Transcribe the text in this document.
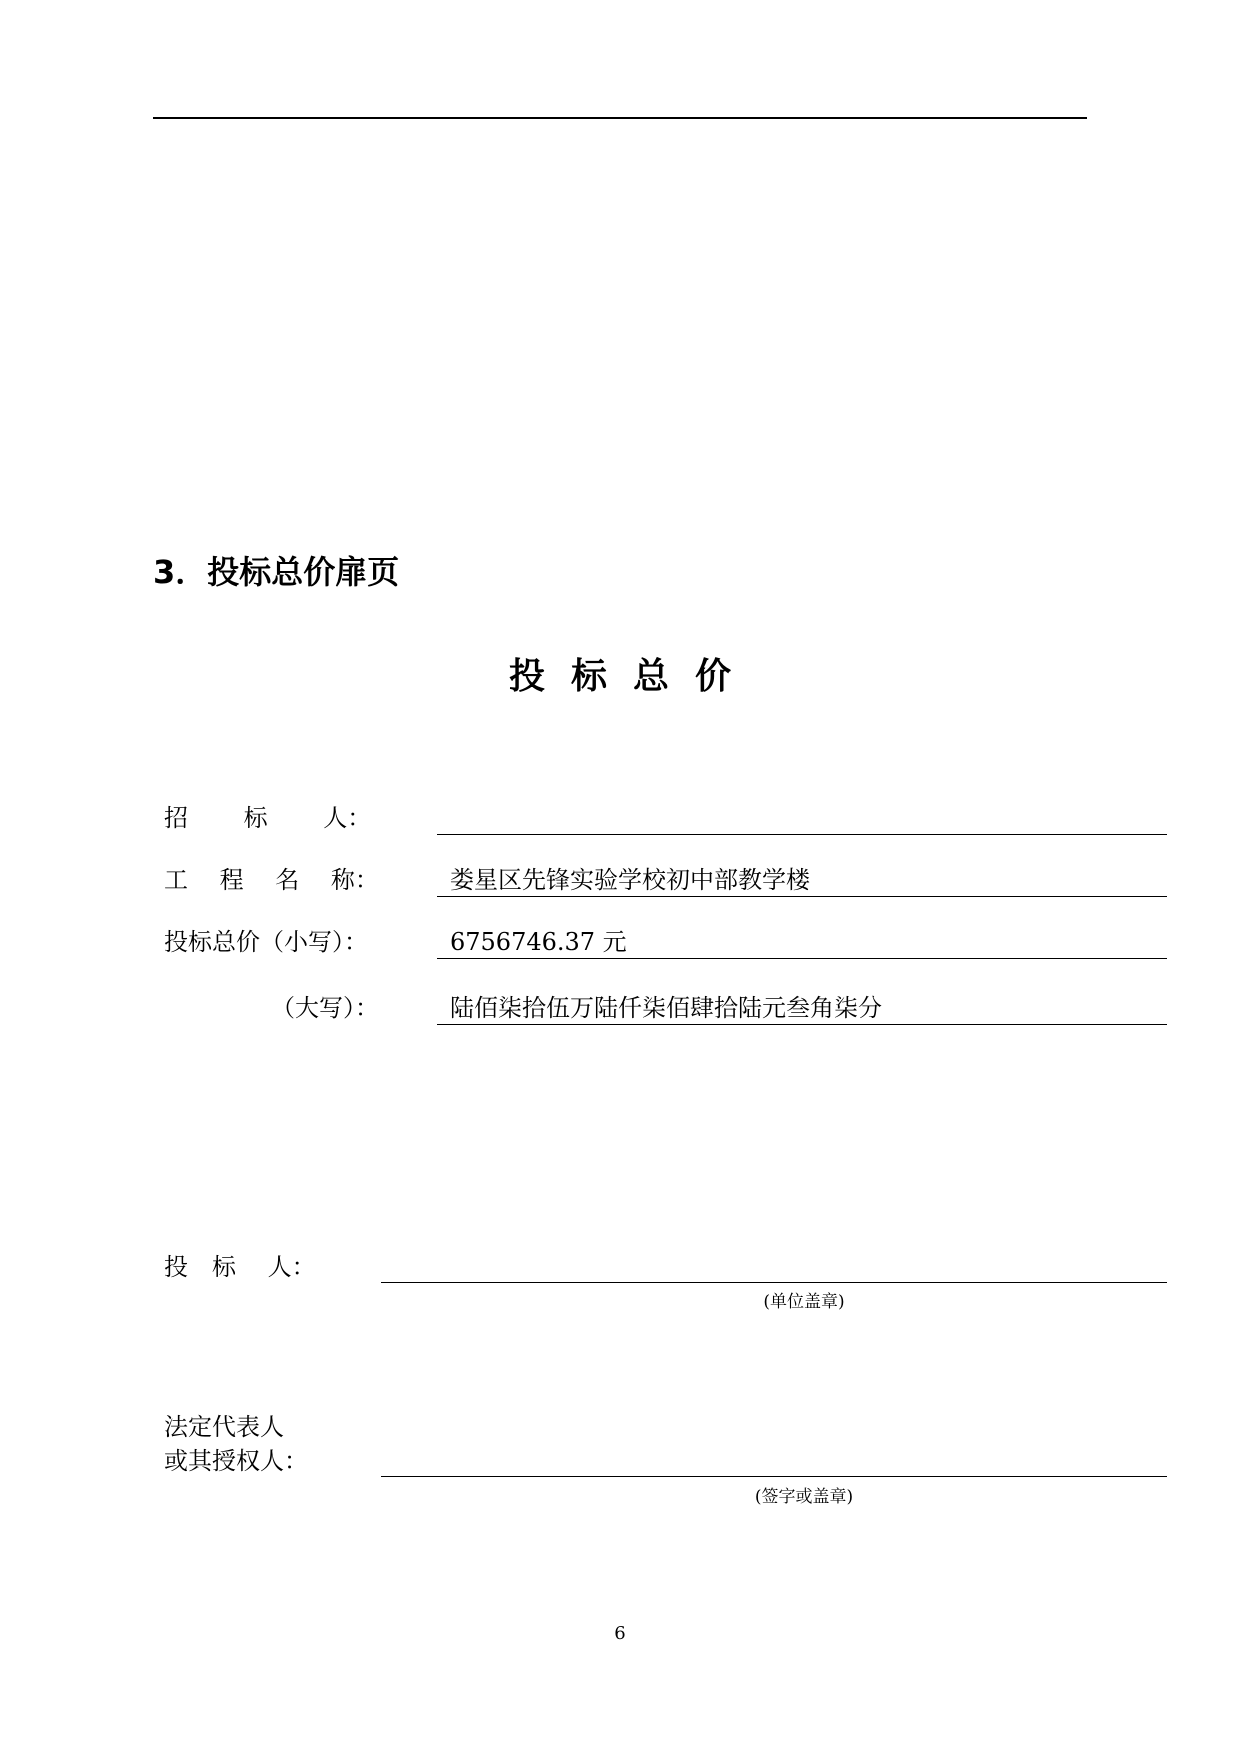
3．投标总价扉页
投标总价
招　　 标　　 人：
工　 程　 名　 称：	娄星区先锋实验学校初中部教学楼
投标总价（小写）：	6756746.37 元
（大写）：	陆佰柒拾伍万陆仟柒佰肆拾陆元叁角柒分
投　标　 人：
(单位盖章)
法定代表人
或其授权人：
(签字或盖章)
6
